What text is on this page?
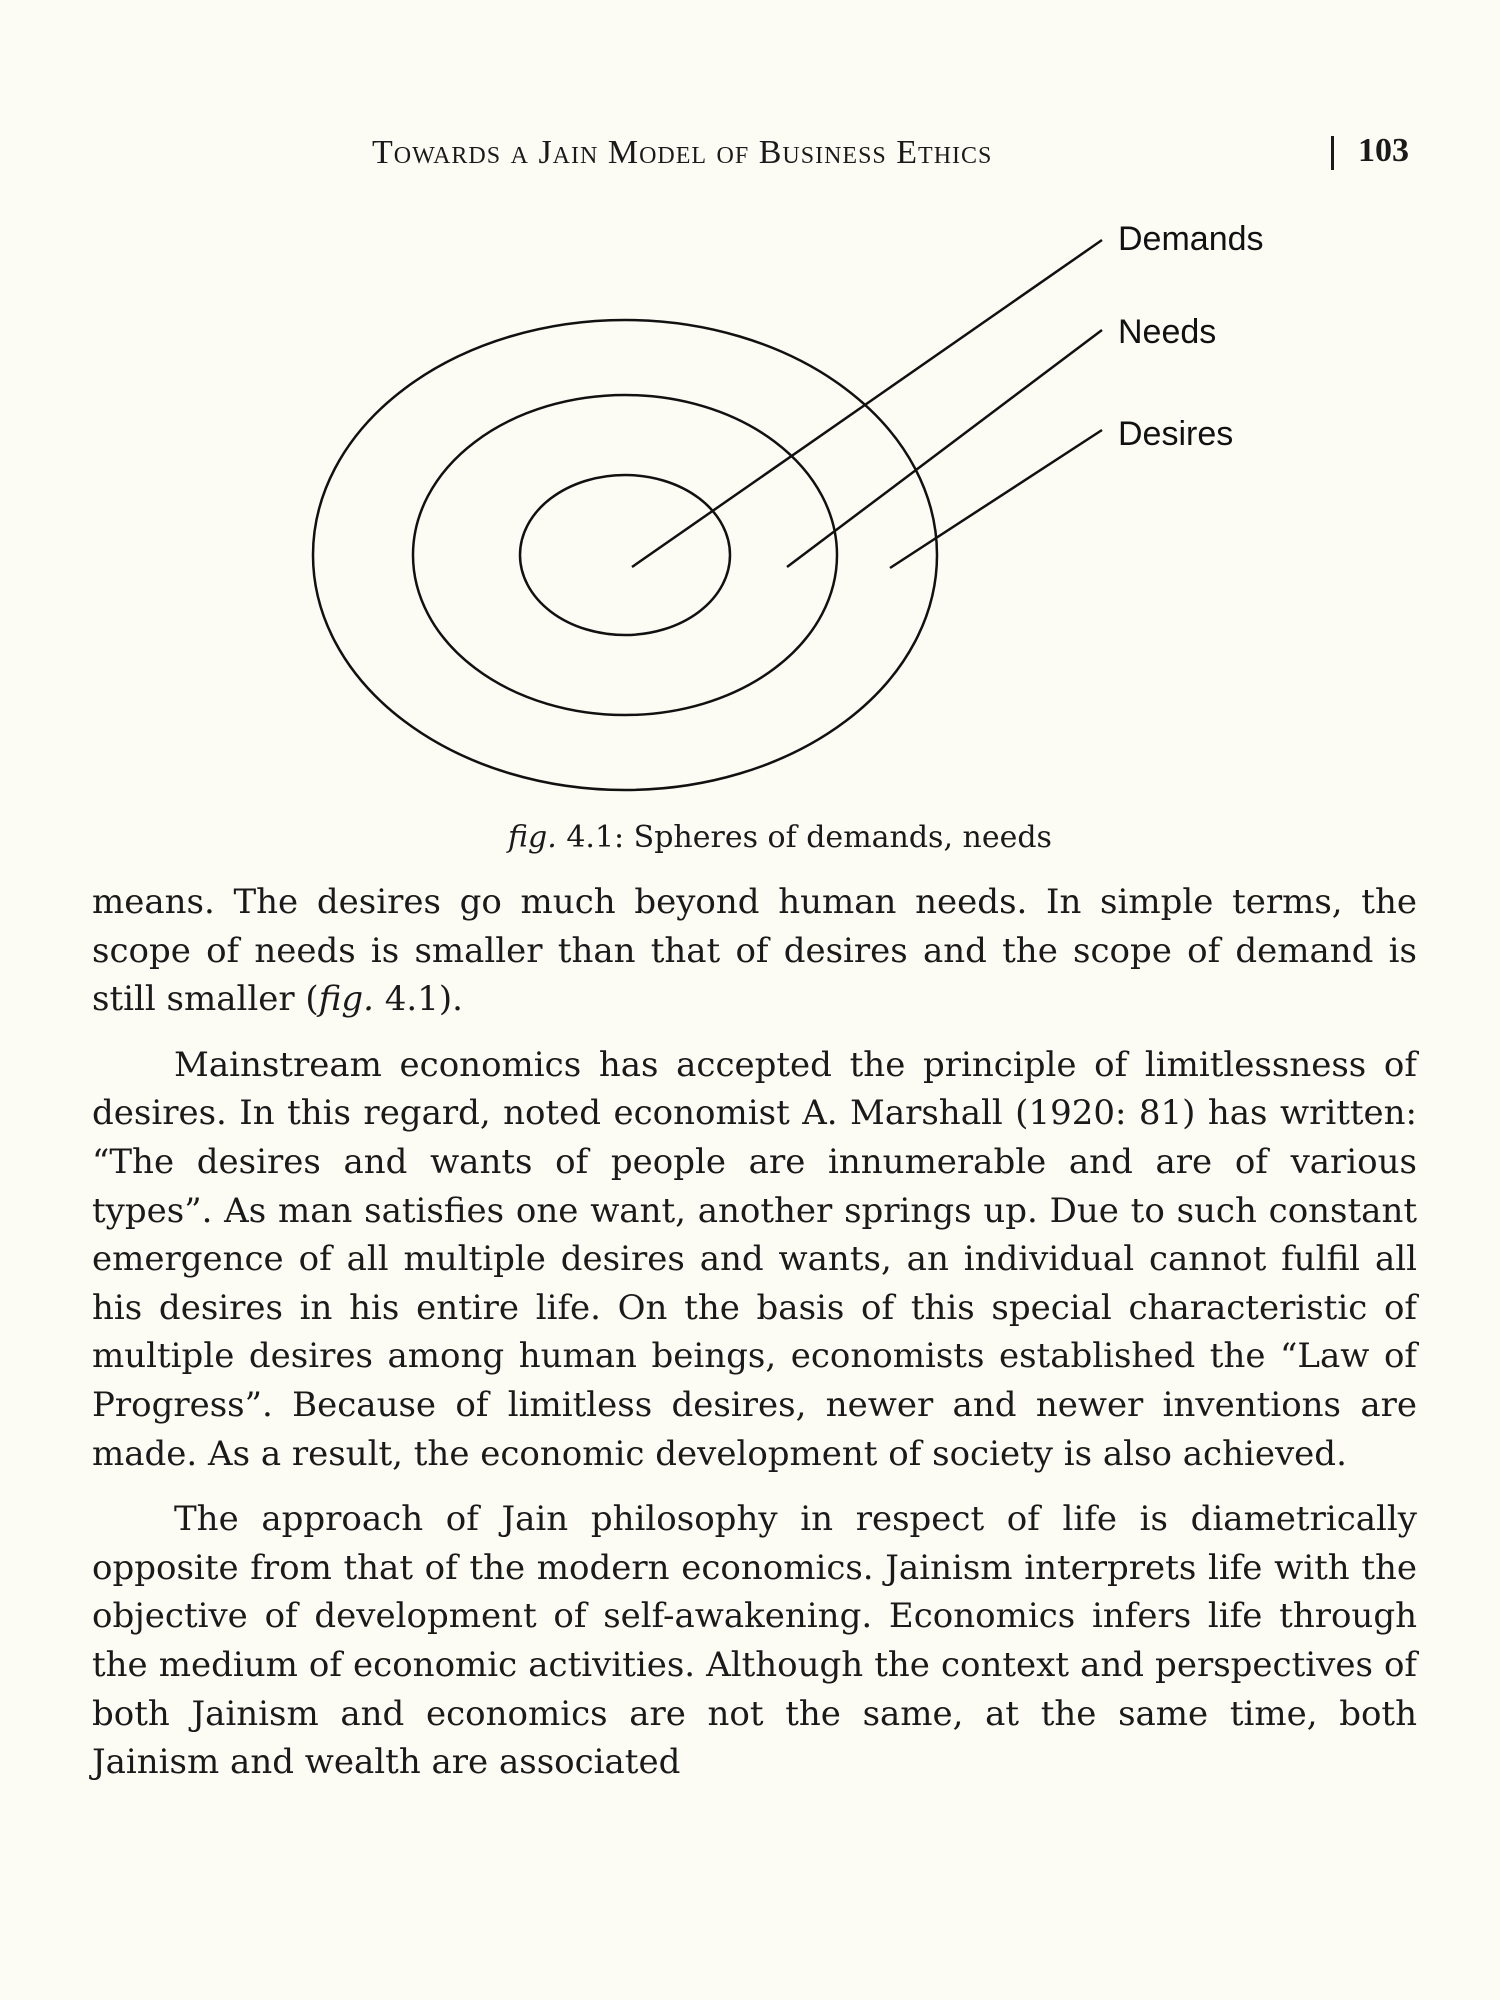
Towards a Jain Model of Business Ethics	103
Demands
Needs
Desires
fig. 4.1: Spheres of demands, needs

means. The desires go much beyond human needs. In simple terms, the scope of needs is smaller than that of desires and the scope of demand is still smaller (fig. 4.1).

Mainstream economics has accepted the principle of limitlessness of desires. In this regard, noted economist A. Marshall (1920: 81) has written: “The desires and wants of people are innumerable and are of various types”. As man satisfies one want, another springs up. Due to such constant emergence of all multiple desires and wants, an individual cannot fulfil all his desires in his entire life. On the basis of this special characteristic of multiple desires among human beings, economists established the “Law of Progress”. Because of limitless desires, newer and newer inventions are made. As a result, the economic development of society is also achieved.

The approach of Jain philosophy in respect of life is diametrically opposite from that of the modern economics. Jainism interprets life with the objective of development of self-awakening. Economics infers life through the medium of economic activities. Although the context and perspectives of both Jainism and economics are not the same, at the same time, both Jainism and wealth are associated
